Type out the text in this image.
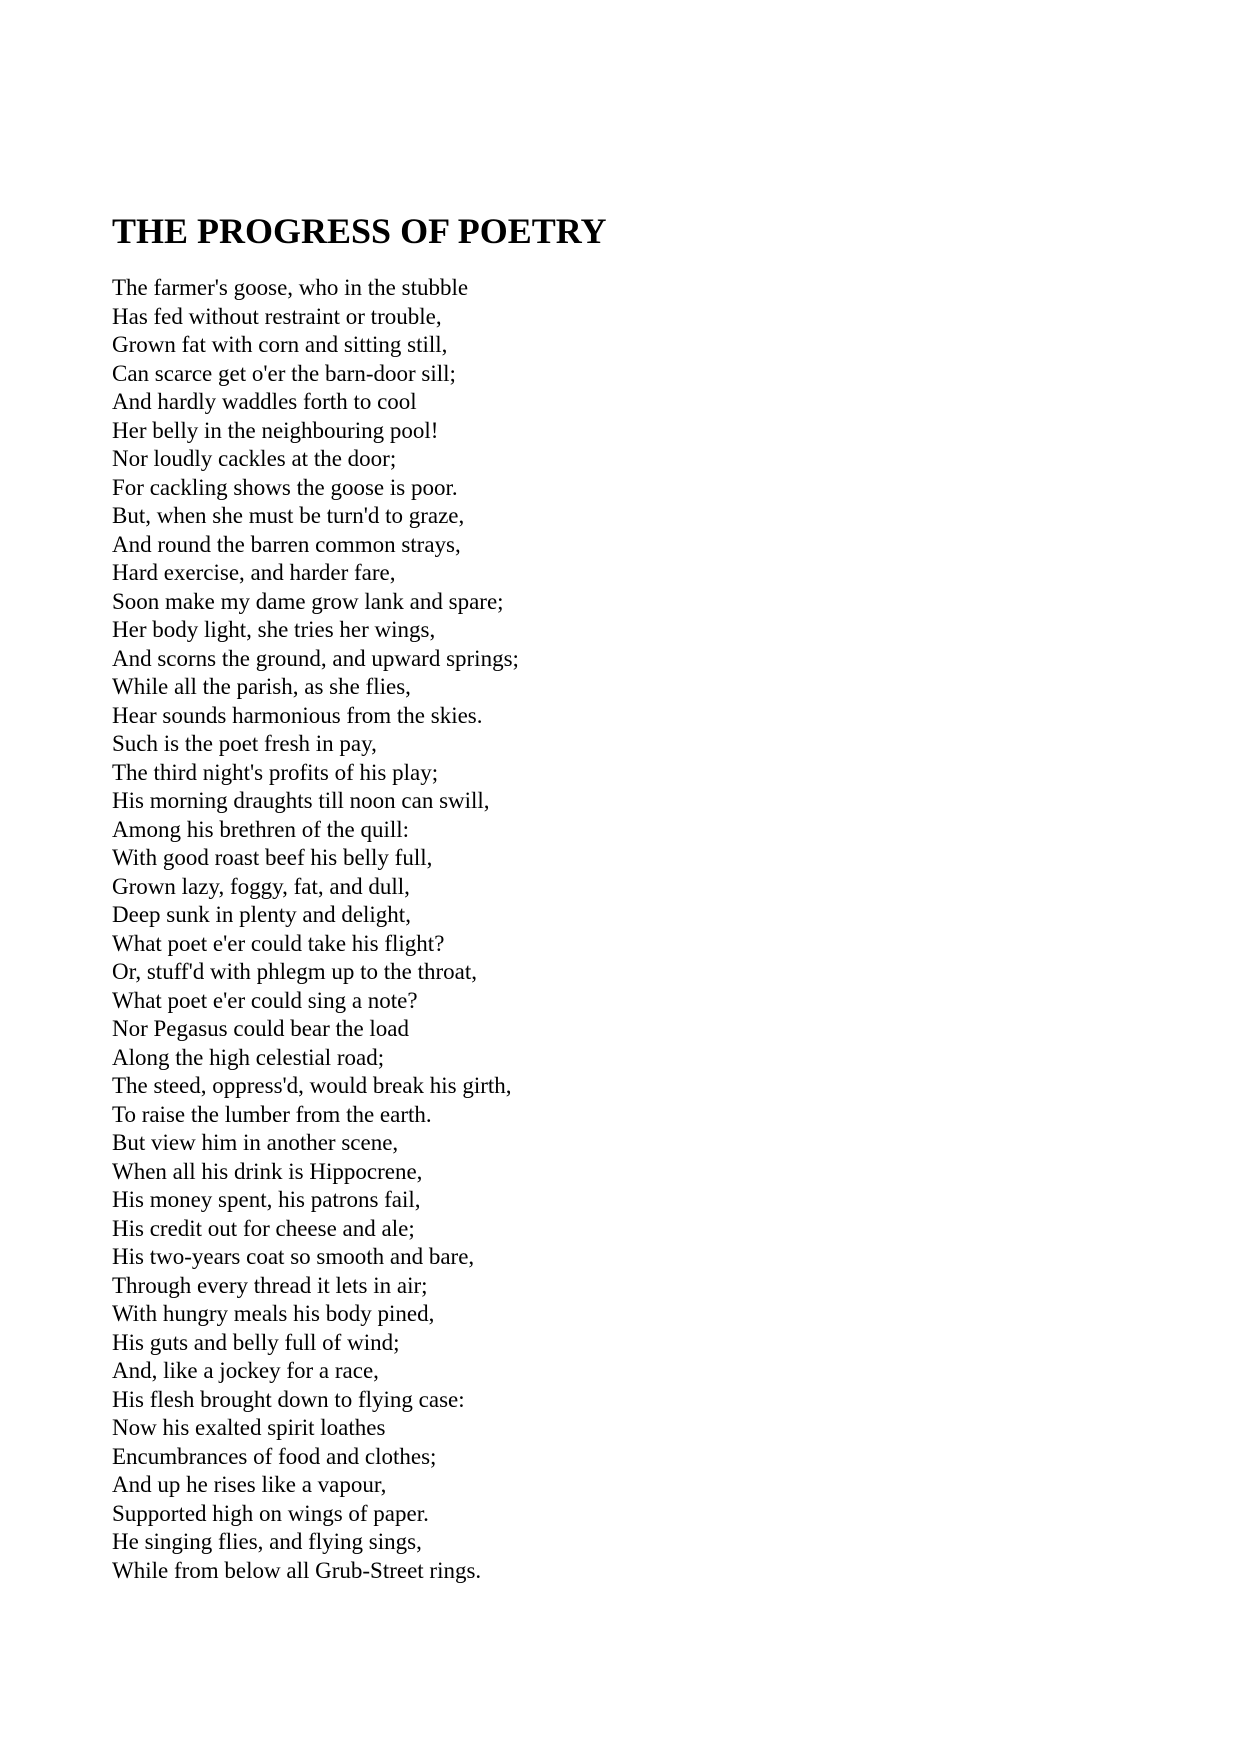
THE PROGRESS OF POETRY
The farmer's goose, who in the stubble
Has fed without restraint or trouble,
Grown fat with corn and sitting still,
Can scarce get o'er the barn-door sill;
And hardly waddles forth to cool
Her belly in the neighbouring pool!
Nor loudly cackles at the door;
For cackling shows the goose is poor.
But, when she must be turn'd to graze,
And round the barren common strays,
Hard exercise, and harder fare,
Soon make my dame grow lank and spare;
Her body light, she tries her wings,
And scorns the ground, and upward springs;
While all the parish, as she flies,
Hear sounds harmonious from the skies.
Such is the poet fresh in pay,
The third night's profits of his play;
His morning draughts till noon can swill,
Among his brethren of the quill:
With good roast beef his belly full,
Grown lazy, foggy, fat, and dull,
Deep sunk in plenty and delight,
What poet e'er could take his flight?
Or, stuff'd with phlegm up to the throat,
What poet e'er could sing a note?
Nor Pegasus could bear the load
Along the high celestial road;
The steed, oppress'd, would break his girth,
To raise the lumber from the earth.
But view him in another scene,
When all his drink is Hippocrene,
His money spent, his patrons fail,
His credit out for cheese and ale;
His two-years coat so smooth and bare,
Through every thread it lets in air;
With hungry meals his body pined,
His guts and belly full of wind;
And, like a jockey for a race,
His flesh brought down to flying case:
Now his exalted spirit loathes
Encumbrances of food and clothes;
And up he rises like a vapour,
Supported high on wings of paper.
He singing flies, and flying sings,
While from below all Grub-Street rings.
